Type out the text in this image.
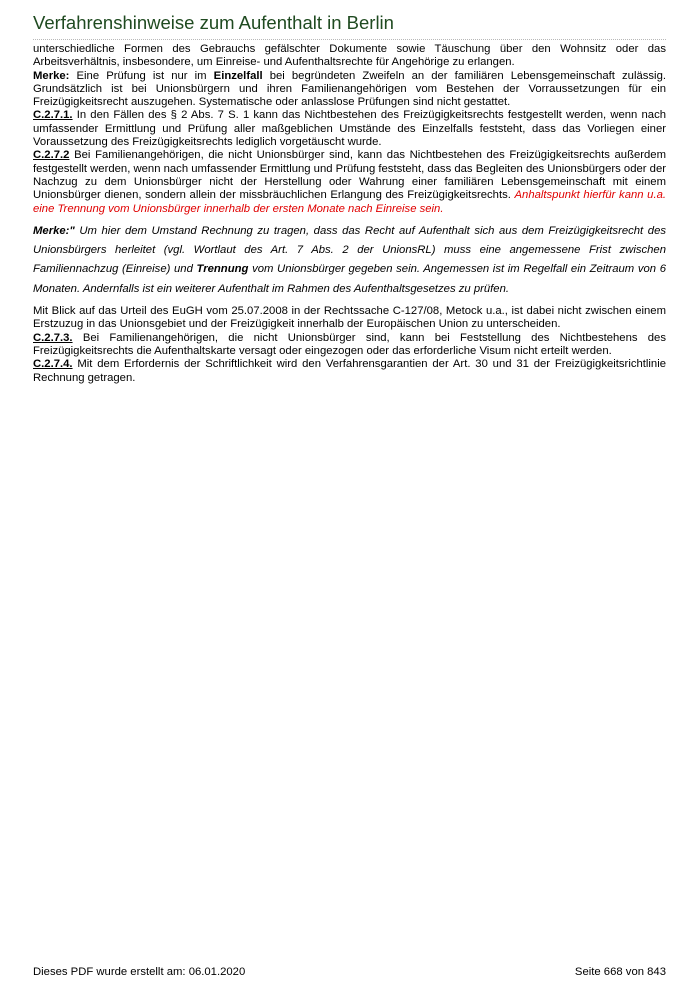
Verfahrenshinweise zum Aufenthalt in Berlin

unterschiedliche Formen des Gebrauchs gefälschter Dokumente sowie Täuschung über den Wohnsitz oder das Arbeitsverhältnis, insbesondere, um Einreise- und Aufenthaltsrechte für Angehörige zu erlangen.

Merke: Eine Prüfung ist nur im Einzelfall bei begründeten Zweifeln an der familiären Lebensgemeinschaft zulässig. Grundsätzlich ist bei Unionsbürgern und ihren Familienangehörigen vom Bestehen der Vorraussetzungen für ein Freizügigkeitsrecht auszugehen. Systematische oder anlasslose Prüfungen sind nicht gestattet.

C.2.7.1. In den Fällen des § 2 Abs. 7 S. 1 kann das Nichtbestehen des Freizügigkeitsrechts festgestellt werden, wenn nach umfassender Ermittlung und Prüfung aller maßgeblichen Umstände des Einzelfalls feststeht, dass das Vorliegen einer Voraussetzung des Freizügigkeitsrechts lediglich vorgetäuscht wurde.

C.2.7.2 Bei Familienangehörigen, die nicht Unionsbürger sind, kann das Nichtbestehen des Freizügigkeitsrechts außerdem festgestellt werden, wenn nach umfassender Ermittlung und Prüfung feststeht, dass das Begleiten des Unionsbürgers oder der Nachzug zu dem Unionsbürger nicht der Herstellung oder Wahrung einer familiären Lebensgemeinschaft mit einem Unionsbürger dienen, sondern allein der missbräuchlichen Erlangung des Freizügigkeitsrechts. Anhaltspunkt hierfür kann u.a. eine Trennung vom Unionsbürger innerhalb der ersten Monate nach Einreise sein.

Merke:" Um hier dem Umstand Rechnung zu tragen, dass das Recht auf Aufenthalt sich aus dem Freizügigkeitsrecht des Unionsbürgers herleitet (vgl. Wortlaut des Art. 7 Abs. 2 der UnionsRL) muss eine angemessene Frist zwischen Familiennachzug (Einreise) und Trennung vom Unionsbürger gegeben sein. Angemessen ist im Regelfall ein Zeitraum von 6 Monaten. Andernfalls ist ein weiterer Aufenthalt im Rahmen des Aufenthaltsgesetzes zu prüfen.

Mit Blick auf das Urteil des EuGH vom 25.07.2008 in der Rechtssache C-127/08, Metock u.a., ist dabei nicht zwischen einem Erstzuzug in das Unionsgebiet und der Freizügigkeit innerhalb der Europäischen Union zu unterscheiden.

C.2.7.3. Bei Familienangehörigen, die nicht Unionsbürger sind, kann bei Feststellung des Nichtbestehens des Freizügigkeitsrechts die Aufenthaltskarte versagt oder eingezogen oder das erforderliche Visum nicht erteilt werden.

C.2.7.4. Mit dem Erfordernis der Schriftlichkeit wird den Verfahrensgarantien der Art. 30 und 31 der Freizügigkeitsrichtlinie Rechnung getragen.

Dieses PDF wurde erstellt am: 06.01.2020	Seite 668 von 843
